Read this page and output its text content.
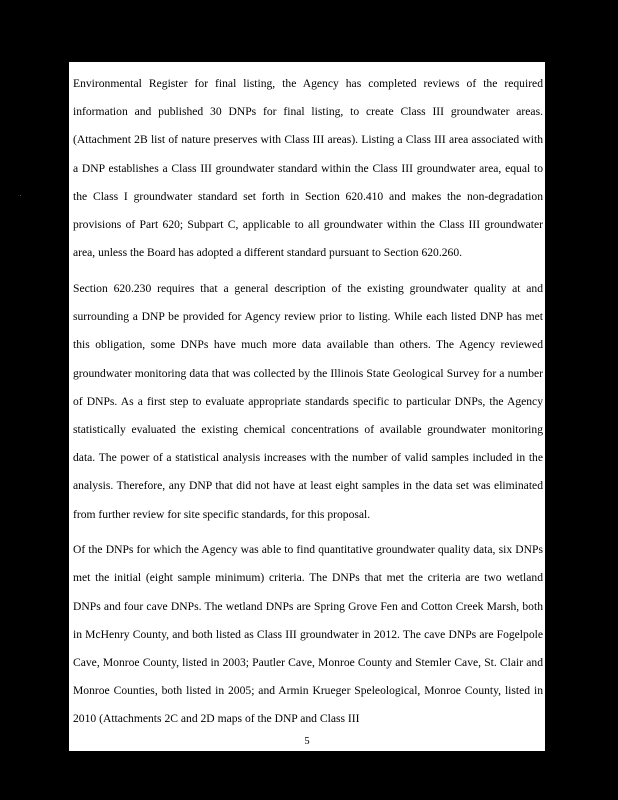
Environmental Register for final listing, the Agency has completed reviews of the required information and published 30 DNPs for final listing, to create Class III groundwater areas. (Attachment 2B list of nature preserves with Class III areas). Listing a Class III area associated with a DNP establishes a Class III groundwater standard within the Class III groundwater area, equal to the Class I groundwater standard set forth in Section 620.410 and makes the non-degradation provisions of Part 620; Subpart C, applicable to all groundwater within the Class III groundwater area, unless the Board has adopted a different standard pursuant to Section 620.260.

Section 620.230 requires that a general description of the existing groundwater quality at and surrounding a DNP be provided for Agency review prior to listing. While each listed DNP has met this obligation, some DNPs have much more data available than others. The Agency reviewed groundwater monitoring data that was collected by the Illinois State Geological Survey for a number of DNPs. As a first step to evaluate appropriate standards specific to particular DNPs, the Agency statistically evaluated the existing chemical concentrations of available groundwater monitoring data. The power of a statistical analysis increases with the number of valid samples included in the analysis. Therefore, any DNP that did not have at least eight samples in the data set was eliminated from further review for site specific standards, for this proposal.

Of the DNPs for which the Agency was able to find quantitative groundwater quality data, six DNPs met the initial (eight sample minimum) criteria. The DNPs that met the criteria are two wetland DNPs and four cave DNPs. The wetland DNPs are Spring Grove Fen and Cotton Creek Marsh, both in McHenry County, and both listed as Class III groundwater in 2012. The cave DNPs are Fogelpole Cave, Monroe County, listed in 2003; Pautler Cave, Monroe County and Stemler Cave, St. Clair and Monroe Counties, both listed in 2005; and Armin Krueger Speleological, Monroe County, listed in 2010 (Attachments 2C and 2D maps of the DNP and Class III

5
